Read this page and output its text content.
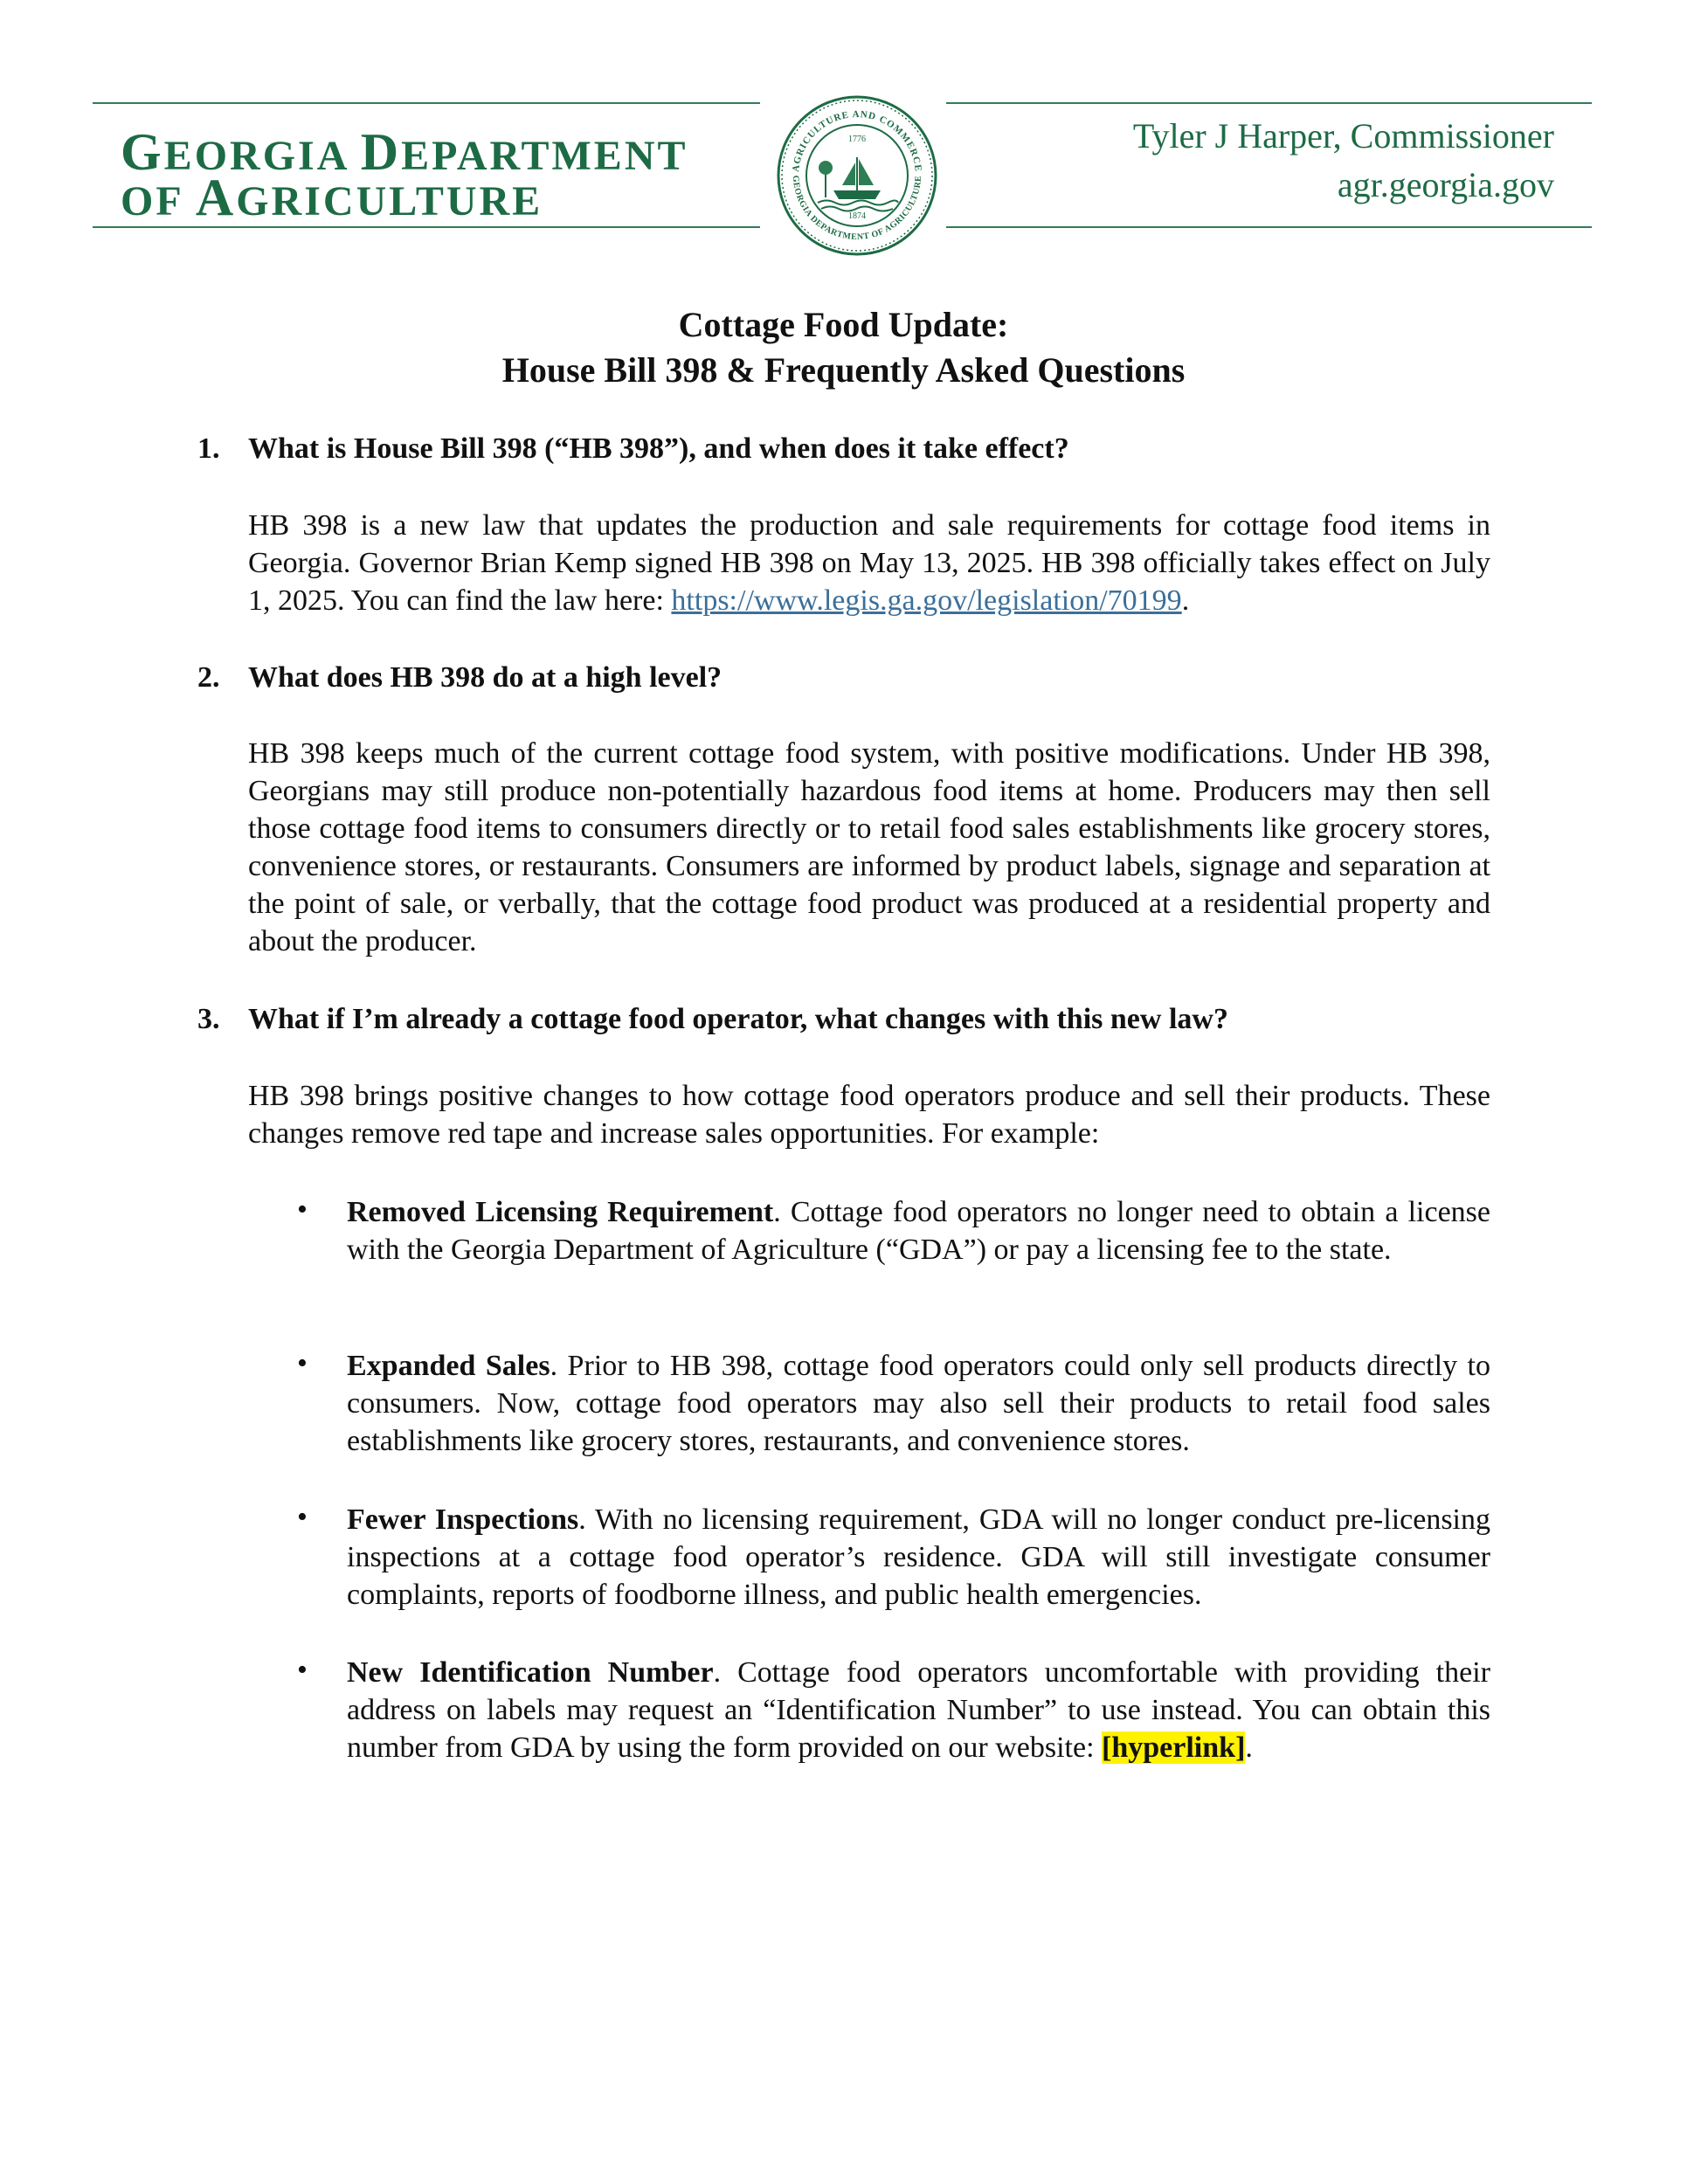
GEORGIA DEPARTMENT
OF AGRICULTURE
AGRICULTURE AND COMMERCE
GEORGIA DEPARTMENT OF AGRICULTURE
1776
1874
Tyler J Harper, Commissioner
agr.georgia.gov
Cottage Food Update:
House Bill 398 & Frequently Asked Questions
1. What is House Bill 398 (“HB 398”), and when does it take effect?
HB 398 is a new law that updates the production and sale requirements for cottage food items in Georgia. Governor Brian Kemp signed HB 398 on May 13, 2025. HB 398 officially takes effect on July 1, 2025. You can find the law here: https://www.legis.ga.gov/legislation/70199.
2. What does HB 398 do at a high level?
HB 398 keeps much of the current cottage food system, with positive modifications. Under HB 398, Georgians may still produce non-potentially hazardous food items at home. Producers may then sell those cottage food items to consumers directly or to retail food sales establishments like grocery stores, convenience stores, or restaurants. Consumers are informed by product labels, signage and separation at the point of sale, or verbally, that the cottage food product was produced at a residential property and about the producer.
3. What if I’m already a cottage food operator, what changes with this new law?
HB 398 brings positive changes to how cottage food operators produce and sell their products. These changes remove red tape and increase sales opportunities. For example:
• Removed Licensing Requirement. Cottage food operators no longer need to obtain a license with the Georgia Department of Agriculture (“GDA”) or pay a licensing fee to the state.
• Expanded Sales. Prior to HB 398, cottage food operators could only sell products directly to consumers. Now, cottage food operators may also sell their products to retail food sales establishments like grocery stores, restaurants, and convenience stores.
• Fewer Inspections. With no licensing requirement, GDA will no longer conduct pre-licensing inspections at a cottage food operator’s residence. GDA will still investigate consumer complaints, reports of foodborne illness, and public health emergencies.
• New Identification Number. Cottage food operators uncomfortable with providing their address on labels may request an “Identification Number” to use instead. You can obtain this number from GDA by using the form provided on our website: [hyperlink].
